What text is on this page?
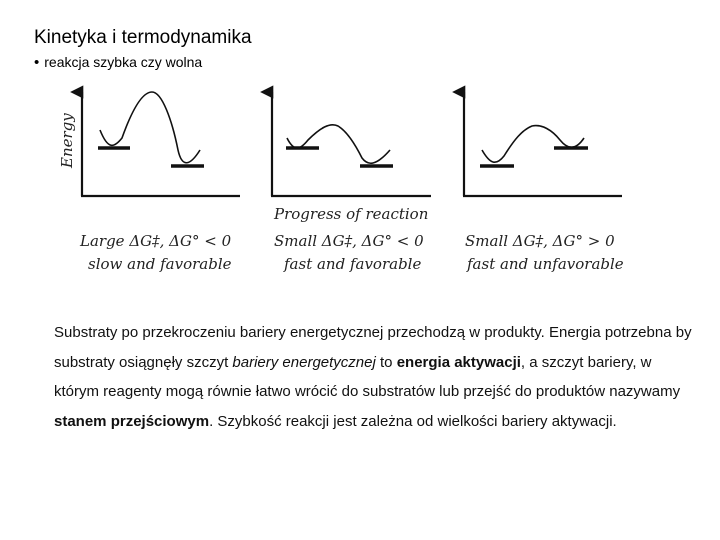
Kinetyka i termodynamika
• reakcja szybka czy wolna
Energy
Progress of reaction
Large ΔG‡, ΔG° < 0
slow and favorable
Small ΔG‡, ΔG° < 0
fast and favorable
Small ΔG‡, ΔG° > 0
fast and unfavorable
Substraty po przekroczeniu bariery energetycznej przechodzą w produkty. Energia potrzebna by substraty osiągnęły szczyt bariery energetycznej to energia aktywacji, a szczyt bariery, w którym reagenty mogą równie łatwo wrócić do substratów lub przejść do produktów nazywamy stanem przejściowym. Szybkość reakcji jest zależna od wielkości bariery aktywacji.
